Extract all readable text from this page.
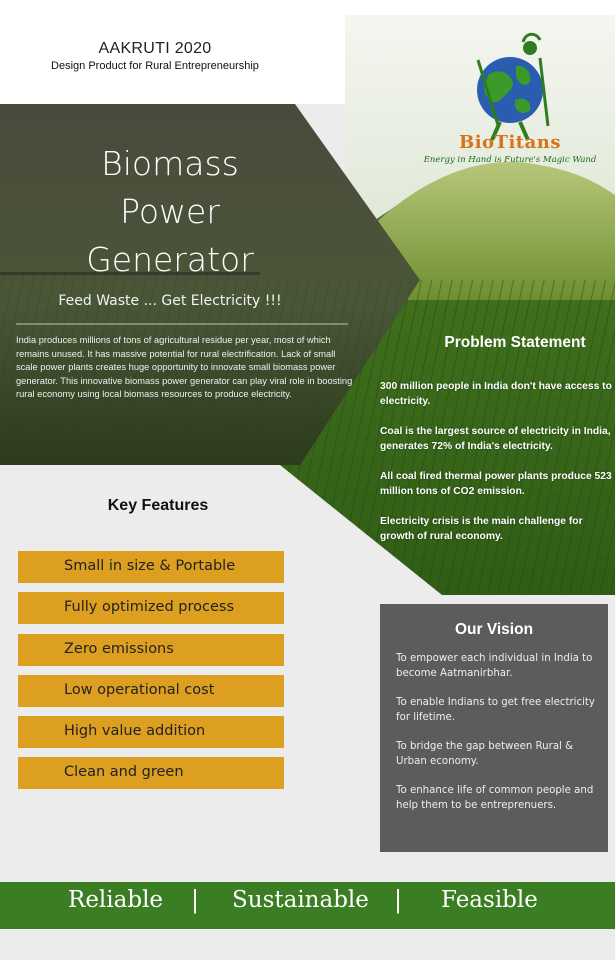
AAKRUTI 2020
Design Product for Rural Entrepreneurship
BioTitans
Energy in Hand is Future's Magic Wand
Biomass
Power
Generator
Feed Waste ... Get Electricity !!!
India produces millions of tons of agricultural residue per year, most of which remains unused. It has massive potential for rural electrification. Lack of small scale power plants creates huge opportunity to innovate small biomass power generator. This innovative biomass power generator can play viral role in boosting rural economy using local biomass resources to produce electricity.
Problem Statement

300 million people in India don't have access to electricity.

Coal is the largest source of electricity in India, generates 72% of India's electricity.

All coal fired thermal power plants produce 523 million tons of CO2 emission.

Electricity crisis is the main challenge for growth of rural economy.

Key Features
Small in size & Portable
Fully optimized process
Zero emissions
Low operational cost
High value addition
Clean and green
Our Vision

To empower each individual in India to become Aatmanirbhar.

To enable Indians to get free electricity for lifetime.

To bridge the gap between Rural & Urban economy.

To enhance life of common people and help them to be entreprenuers.

Reliable | Sustainable | Feasible
